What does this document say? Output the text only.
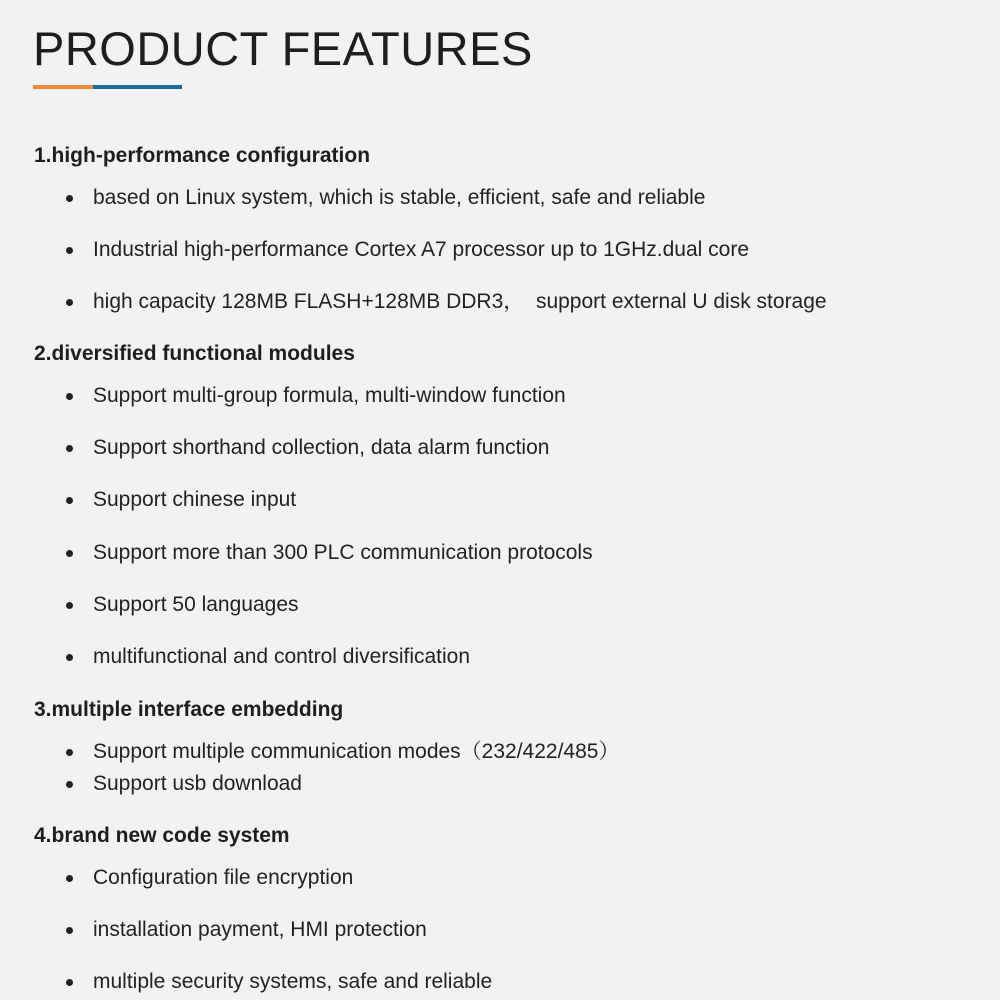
PRODUCT FEATURES
1.high-performance configuration
based on Linux system, which is stable, efficient, safe and reliable
Industrial high-performance Cortex A7 processor up to 1GHz.dual core
high capacity 128MB FLASH+128MB DDR3，  support external U disk storage
2.diversified functional modules
Support multi-group formula, multi-window function
Support shorthand collection, data alarm function
Support chinese input
Support more than 300 PLC communication protocols
Support 50 languages
multifunctional and control diversification
3.multiple interface embedding
Support multiple communication modes（232/422/485）
Support usb download
4.brand new code system
Configuration file encryption
installation payment, HMI protection
multiple security systems, safe and reliable
